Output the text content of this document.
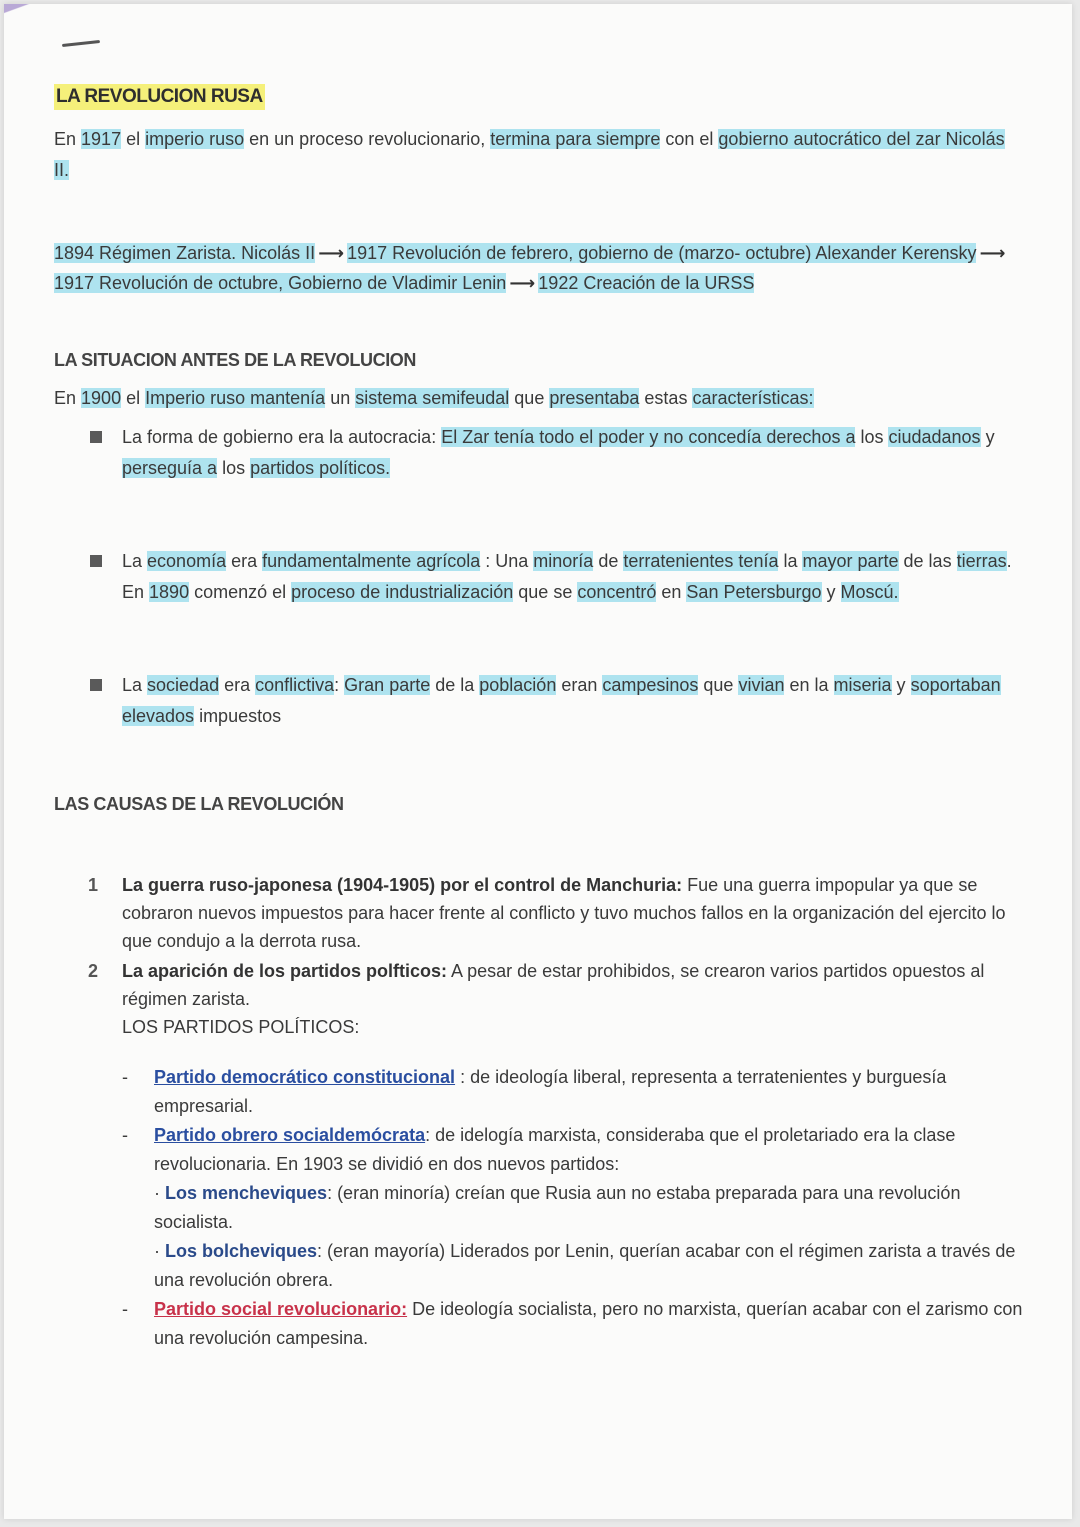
LA REVOLUCION RUSA

En 1917 el imperio ruso en un proceso revolucionario, termina para siempre con el gobierno autocrático del zar Nicolás II.

1894 Régimen Zarista. Nicolás II ⟶ 1917 Revolución de febrero, gobierno de (marzo- octubre) Alexander Kerensky ⟶1917 Revolución de octubre, Gobierno de Vladimir Lenin ⟶ 1922 Creación de la URSS

LA SITUACION ANTES DE LA REVOLUCION

En 1900 el Imperio ruso mantenía un sistema semifeudal que presentaba estas características:

La forma de gobierno era la autocracia: El Zar tenía todo el poder y no concedía derechos a los ciudadanos y perseguía a los partidos políticos.
La economía era fundamentalmente agrícola : Una minoría de terratenientes tenía la mayor parte de las tierras. En 1890 comenzó el proceso de industrialización que se concentró en San Petersburgo y Moscú.
La sociedad era conflictiva: Gran parte de la población eran campesinos que vivian en la miseria y soportaban elevados impuestos
LAS CAUSAS DE LA REVOLUCIÓN
1 La guerra ruso-japonesa (1904-1905) por el control de Manchuria: Fue una guerra impopular ya que se cobraron nuevos impuestos para hacer frente al conflicto y tuvo muchos fallos en la organización del ejercito lo que condujo a la derrota rusa.
2 La aparición de los partidos polfticos: A pesar de estar prohibidos, se crearon varios partidos opuestos al régimen zarista.
LOS PARTIDOS POLÍTICOS:
- Partido democrático constitucional : de ideología liberal, representa a terratenientes y burguesía empresarial.
- Partido obrero socialdemócrata: de idelogía marxista, consideraba que el proletariado era la clase revolucionaria. En 1903 se dividió en dos nuevos partidos:
· Los mencheviques: (eran minoría) creían que Rusia aun no estaba preparada para una revolución socialista.
· Los bolcheviques: (eran mayoría) Liderados por Lenin, querían acabar con el régimen zarista a través de una revolución obrera.
- Partido social revolucionario: De ideología socialista, pero no marxista, querían acabar con el zarismo con una revolución campesina.
